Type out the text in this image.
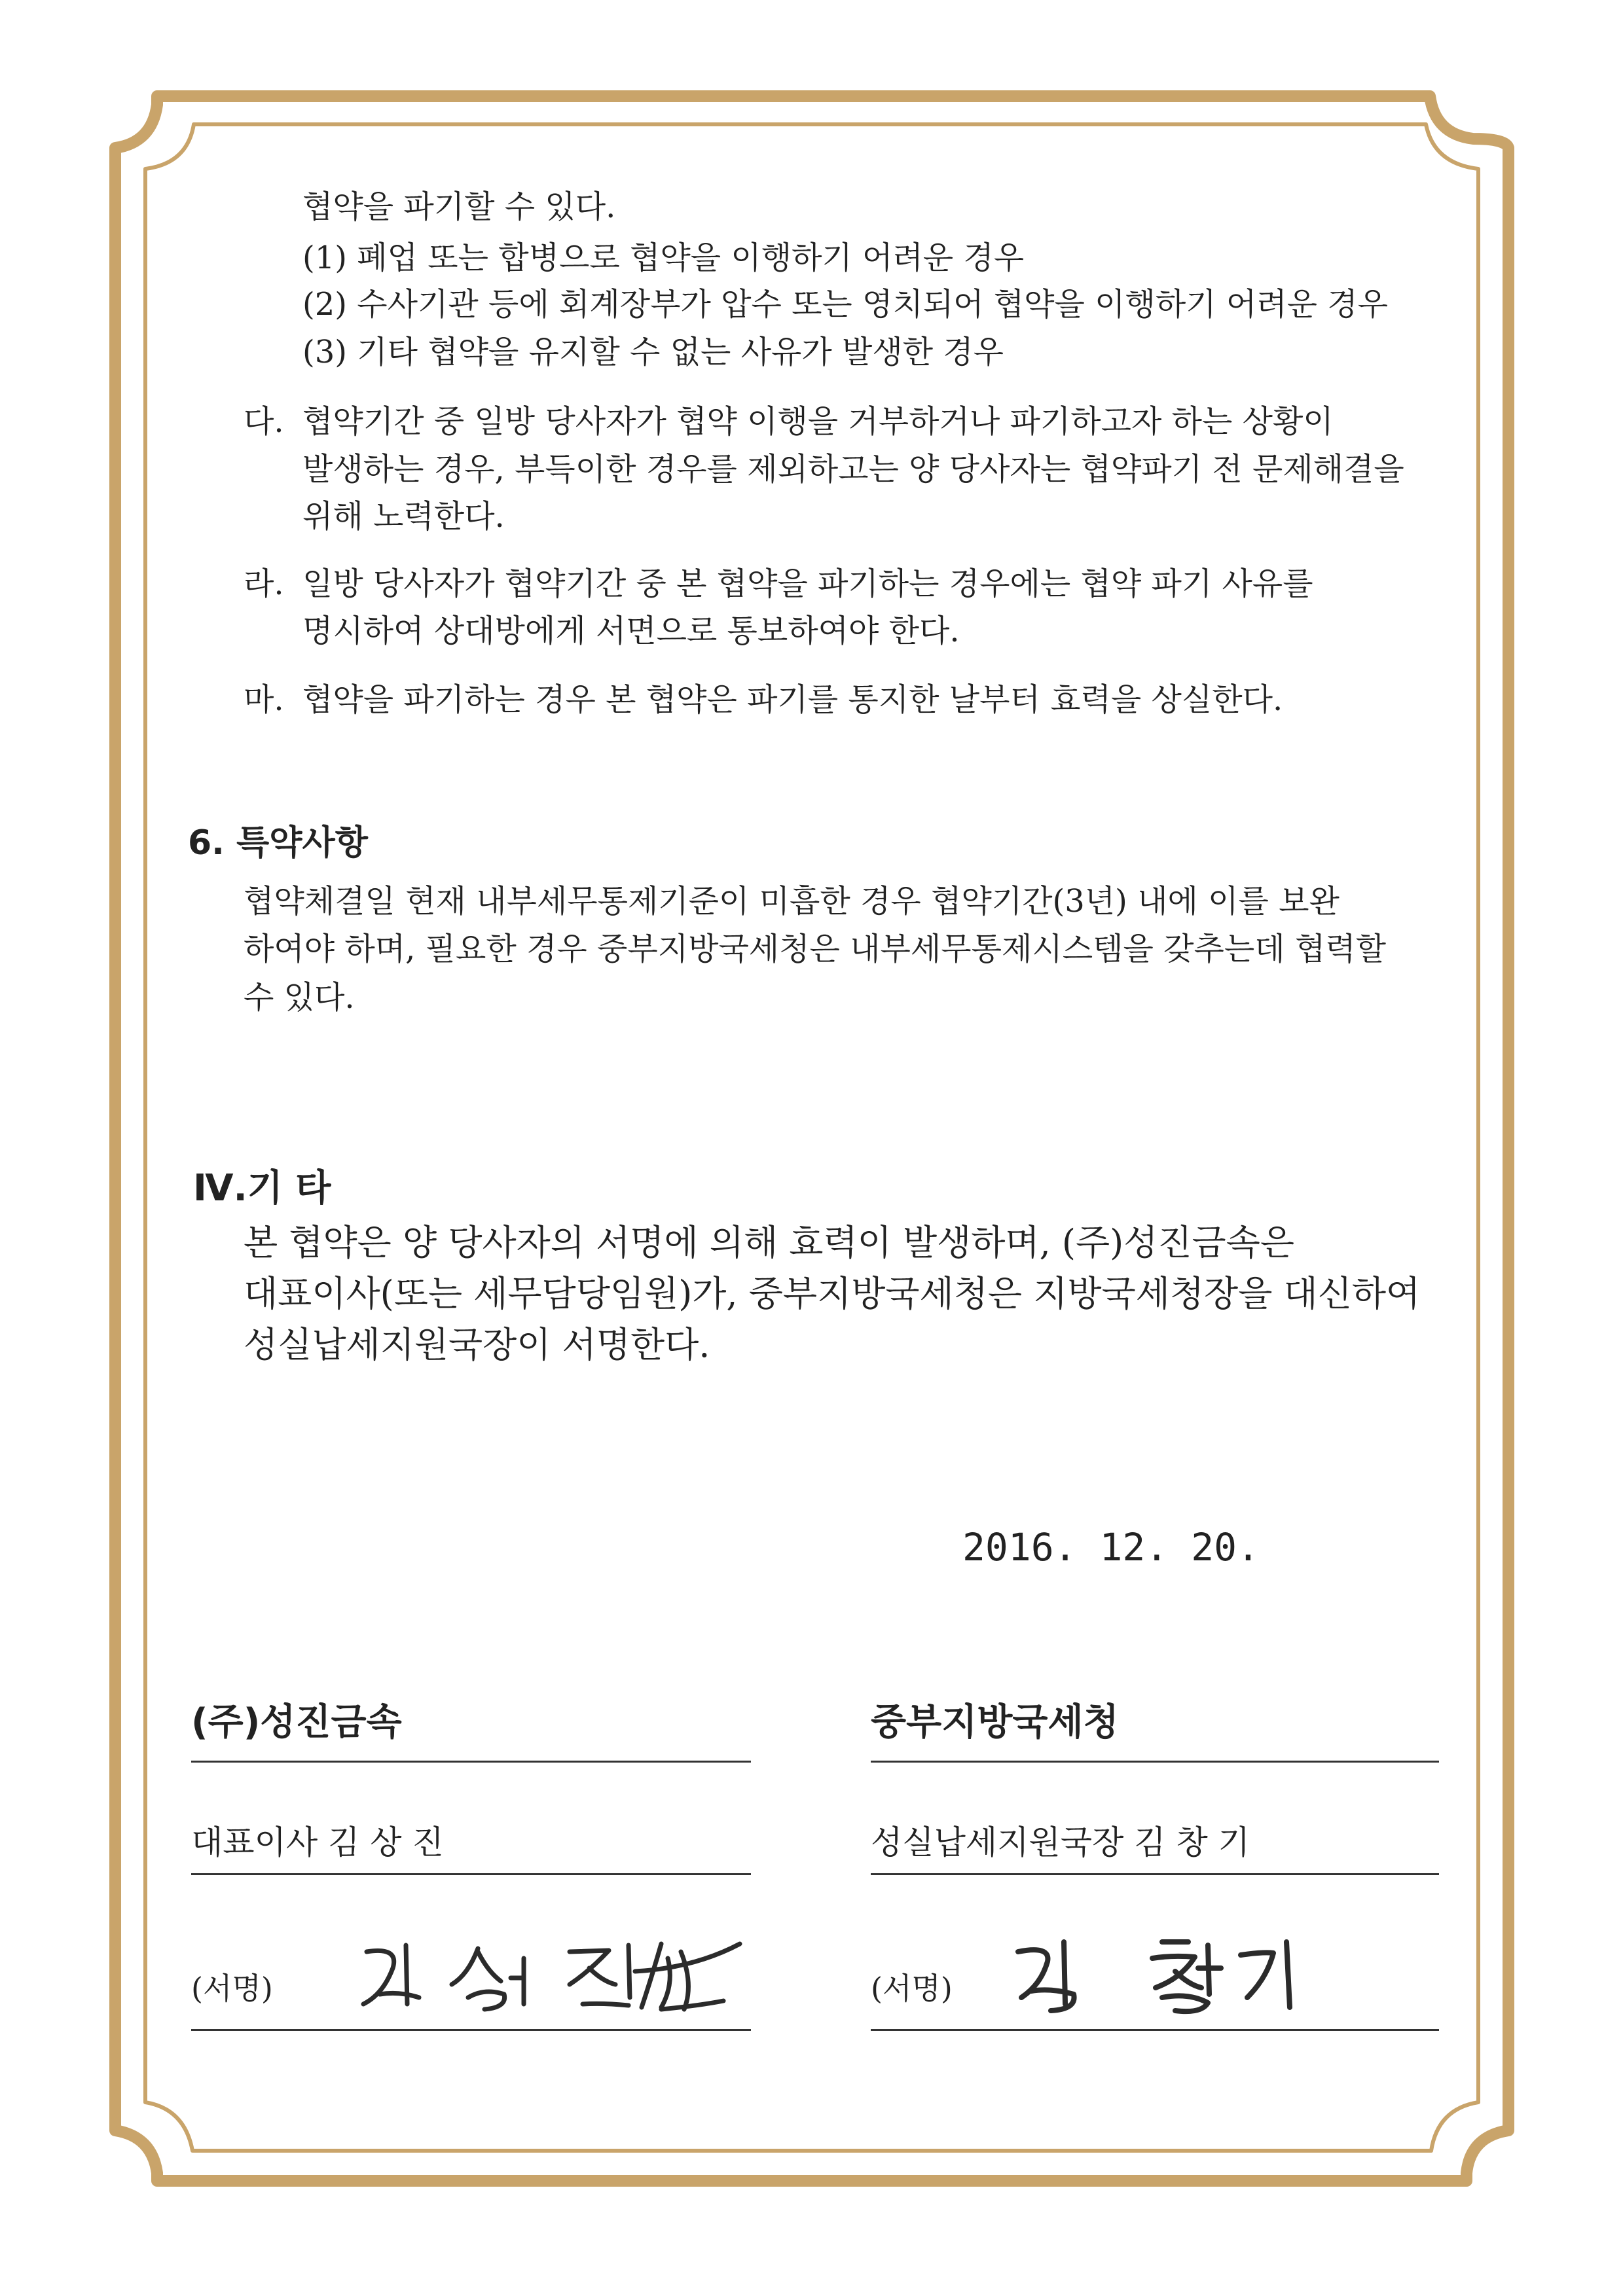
협약을 파기할 수 있다.
(1) 폐업 또는 합병으로 협약을 이행하기 어려운 경우
(2) 수사기관 등에 회계장부가 압수 또는 영치되어 협약을 이행하기 어려운 경우
(3) 기타 협약을 유지할 수 없는 사유가 발생한 경우
다. 협약기간 중 일방 당사자가 협약 이행을 거부하거나 파기하고자 하는 상황이
발생하는 경우, 부득이한 경우를 제외하고는 양 당사자는 협약파기 전 문제해결을
위해 노력한다.
라. 일방 당사자가 협약기간 중 본 협약을 파기하는 경우에는 협약 파기 사유를
명시하여 상대방에게 서면으로 통보하여야 한다.
마. 협약을 파기하는 경우 본 협약은 파기를 통지한 날부터 효력을 상실한다.
6. 특약사항
협약체결일 현재 내부세무통제기준이 미흡한 경우 협약기간(3년) 내에 이를 보완
하여야 하며, 필요한 경우 중부지방국세청은 내부세무통제시스템을 갖추는데 협력할
수 있다.
Ⅳ.기 타
본 협약은 양 당사자의 서명에 의해 효력이 발생하며, (주)성진금속은
대표이사(또는 세무담당임원)가, 중부지방국세청은 지방국세청장을 대신하여
성실납세지원국장이 서명한다.
2016. 12. 20.
(주)성진금속
대표이사 김 상 진
(서명)
중부지방국세청
성실납세지원국장 김 창 기
(서명)
